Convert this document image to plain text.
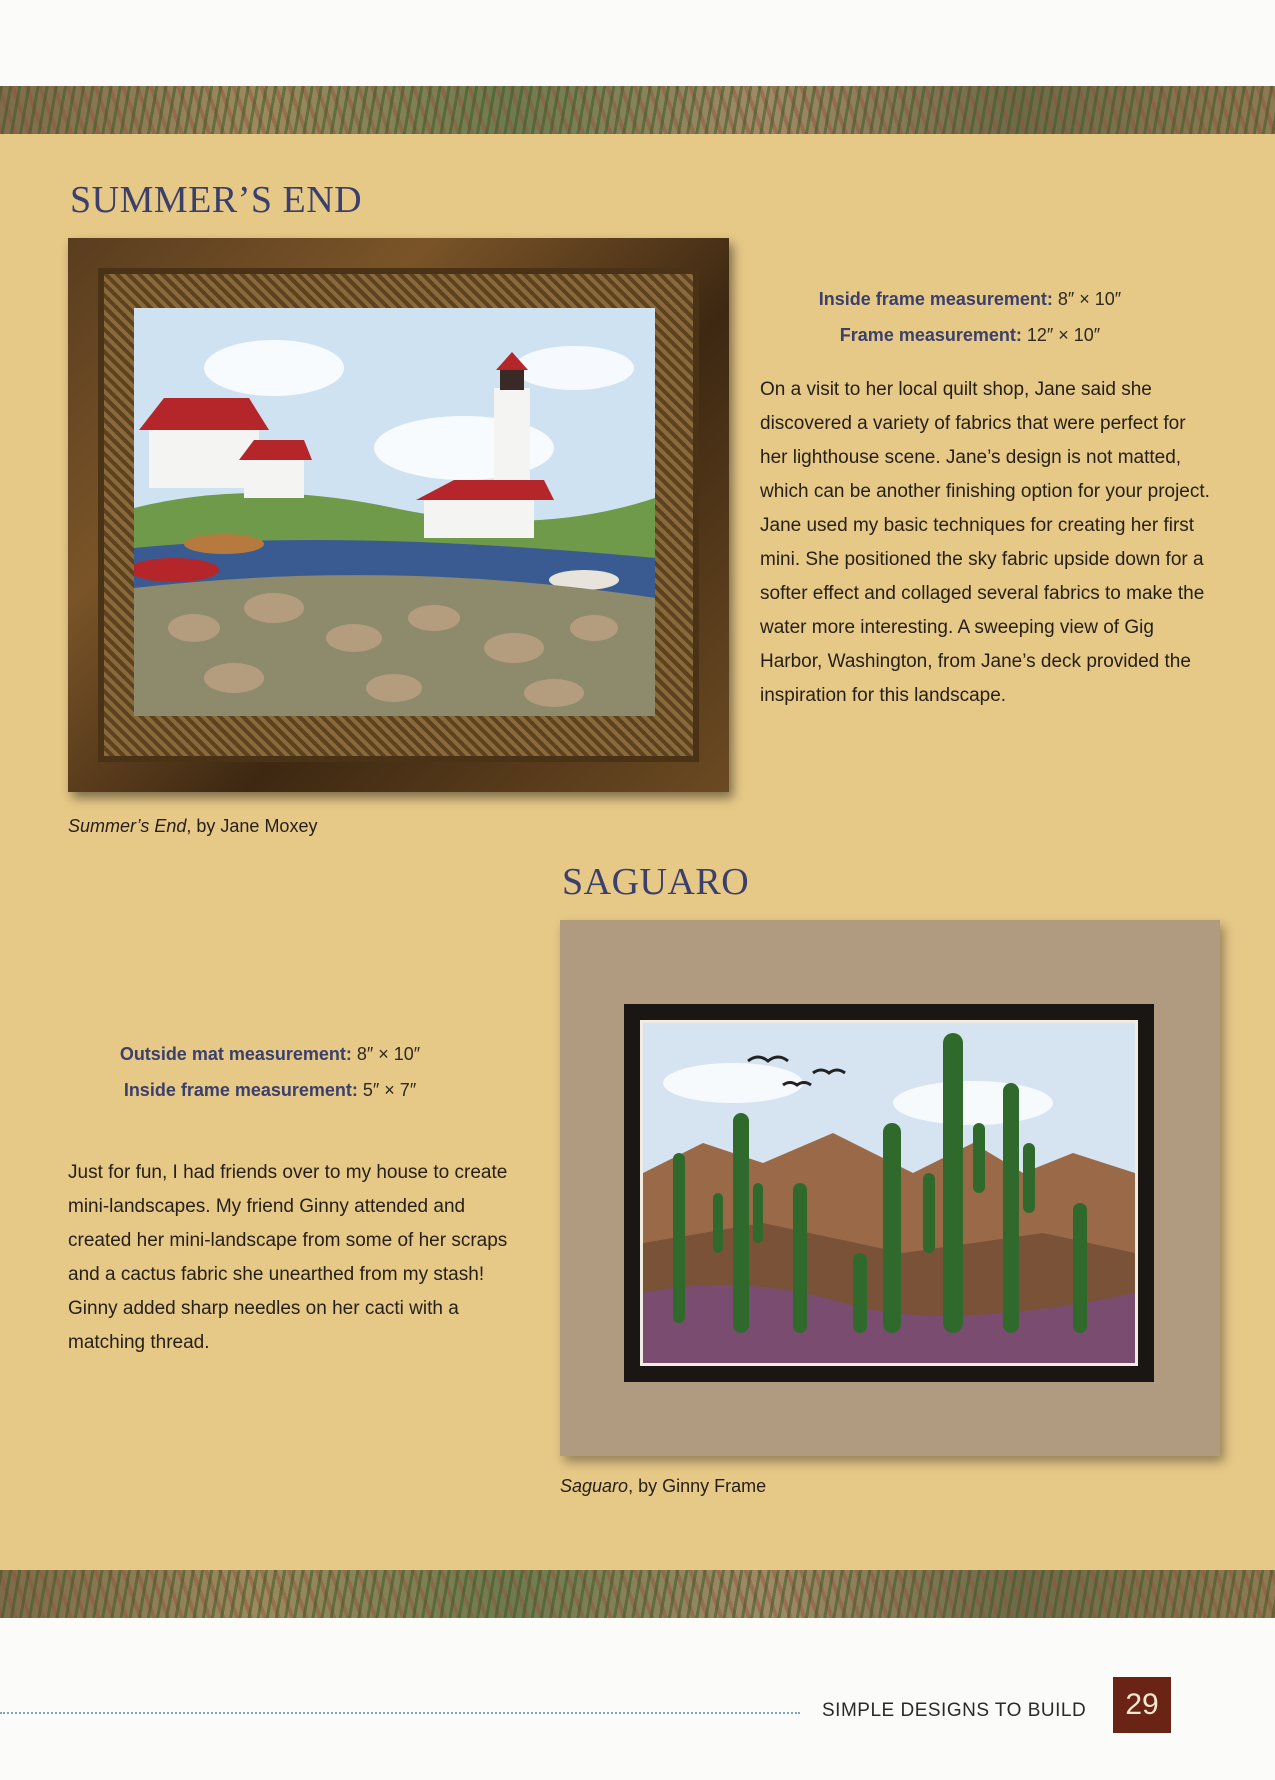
SUMMER’S END
Inside frame measurement: 8″ × 10″
Frame measurement: 12″ × 10″
On a visit to her local quilt shop, Jane said she discovered a variety of fabrics that were perfect for her lighthouse scene. Jane’s design is not matted, which can be another finishing option for your project. Jane used my basic techniques for creating her first mini. She positioned the sky fabric upside down for a softer effect and collaged several fabrics to make the water more interesting. A sweeping view of Gig Harbor, Washington, from Jane’s deck provided the inspiration for this landscape.
Summer’s End, by Jane Moxey
SAGUARO
Outside mat measurement: 8″ × 10″
Inside frame measurement: 5″ × 7″
Just for fun, I had friends over to my house to create mini-landscapes. My friend Ginny attended and created her mini-landscape from some of her scraps and a cactus fabric she unearthed from my stash! Ginny added sharp needles on her cacti with a matching thread.
Saguaro, by Ginny Frame
SIMPLE DESIGNS TO BUILD	29
